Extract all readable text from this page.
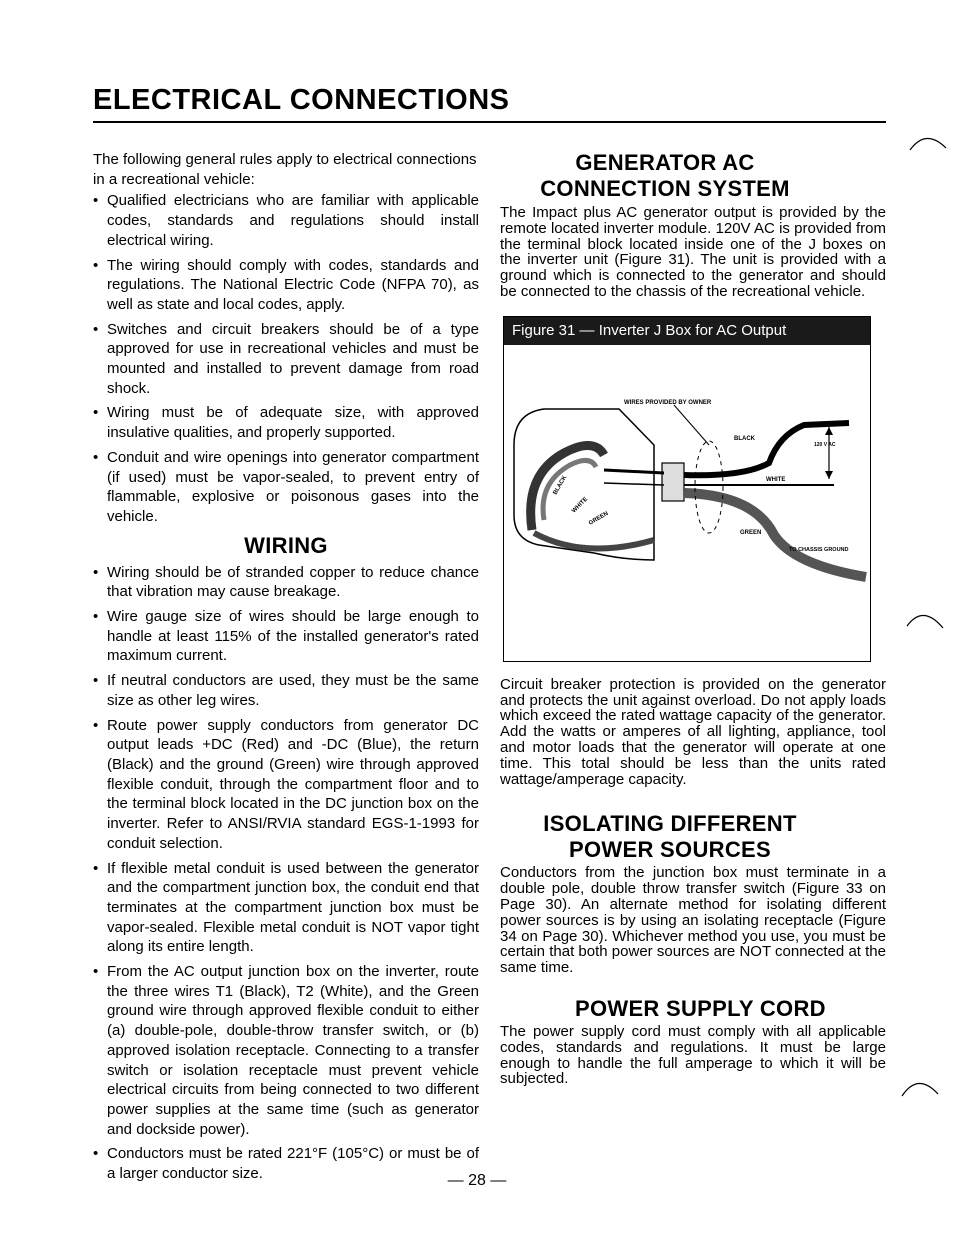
ELECTRICAL CONNECTIONS

The following general rules apply to electrical connections in a recreational vehicle:

• Qualified electricians who are familiar with applicable codes, standards and regulations should install electrical wiring.
• The wiring should comply with codes, standards and regulations. The National Electric Code (NFPA 70), as well as state and local codes, apply.
• Switches and circuit breakers should be of a type approved for use in recreational vehicles and must be mounted and installed to prevent damage from road shock.
• Wiring must be of adequate size, with approved insulative qualities, and properly supported.
• Conduit and wire openings into generator compartment (if used) must be vapor-sealed, to prevent entry of flammable, explosive or poisonous gases into the vehicle.
WIRING
• Wiring should be of stranded copper to reduce chance that vibration may cause breakage.
• Wire gauge size of wires should be large enough to handle at least 115% of the installed generator's rated maximum current.
• If neutral conductors are used, they must be the same size as other leg wires.
• Route power supply conductors from generator DC output leads +DC (Red) and -DC (Blue), the return (Black) and the ground (Green) wire through approved flexible conduit, through the compartment floor and to the terminal block located in the DC junction box on the inverter. Refer to ANSI/RVIA standard EGS-1-1993 for conduit selection.
• If flexible metal conduit is used between the generator and the compartment junction box, the conduit end that terminates at the compartment junction box must be vapor-sealed. Flexible metal conduit is NOT vapor tight along its entire length.
• From the AC output junction box on the inverter, route the three wires T1 (Black), T2 (White), and the Green ground wire through approved flexible conduit to either (a) double-pole, double-throw transfer switch, or (b) approved isolation receptacle. Connecting to a transfer switch or isolation receptacle must prevent vehicle electrical circuits from being connected to two different power supplies at the same time (such as generator and dockside power).
• Conductors must be rated 221°F (105°C) or must be of a larger conductor size.
GENERATOR AC CONNECTION SYSTEM

The Impact plus AC generator output is provided by the remote located inverter module. 120V AC is provided from the terminal block located inside one of the J boxes on the inverter unit (Figure 31). The unit is provided with a ground which is connected to the generator and should be connected to the chassis of the recreational vehicle.

Figure 31 — Inverter J Box for AC Output
WIRES PROVIDED BY OWNER
BLACK
120 V AC
WHITE
GREEN
TO CHASSIS GROUND
BLACK
WHITE
GREEN

Circuit breaker protection is provided on the generator and protects the unit against overload. Do not apply loads which exceed the rated wattage capacity of the generator. Add the watts or amperes of all lighting, appliance, tool and motor loads that the generator will operate at one time. This total should be less than the units rated wattage/amperage capacity.

ISOLATING DIFFERENT POWER SOURCES

Conductors from the junction box must terminate in a double pole, double throw transfer switch (Figure 33 on Page 30). An alternate method for isolating different power sources is by using an isolating receptacle (Figure 34 on Page 30). Whichever method you use, you must be certain that both power sources are NOT connected at the same time.

POWER SUPPLY CORD

The power supply cord must comply with all applicable codes, standards and regulations. It must be large enough to handle the full amperage to which it will be subjected.

— 28 —
